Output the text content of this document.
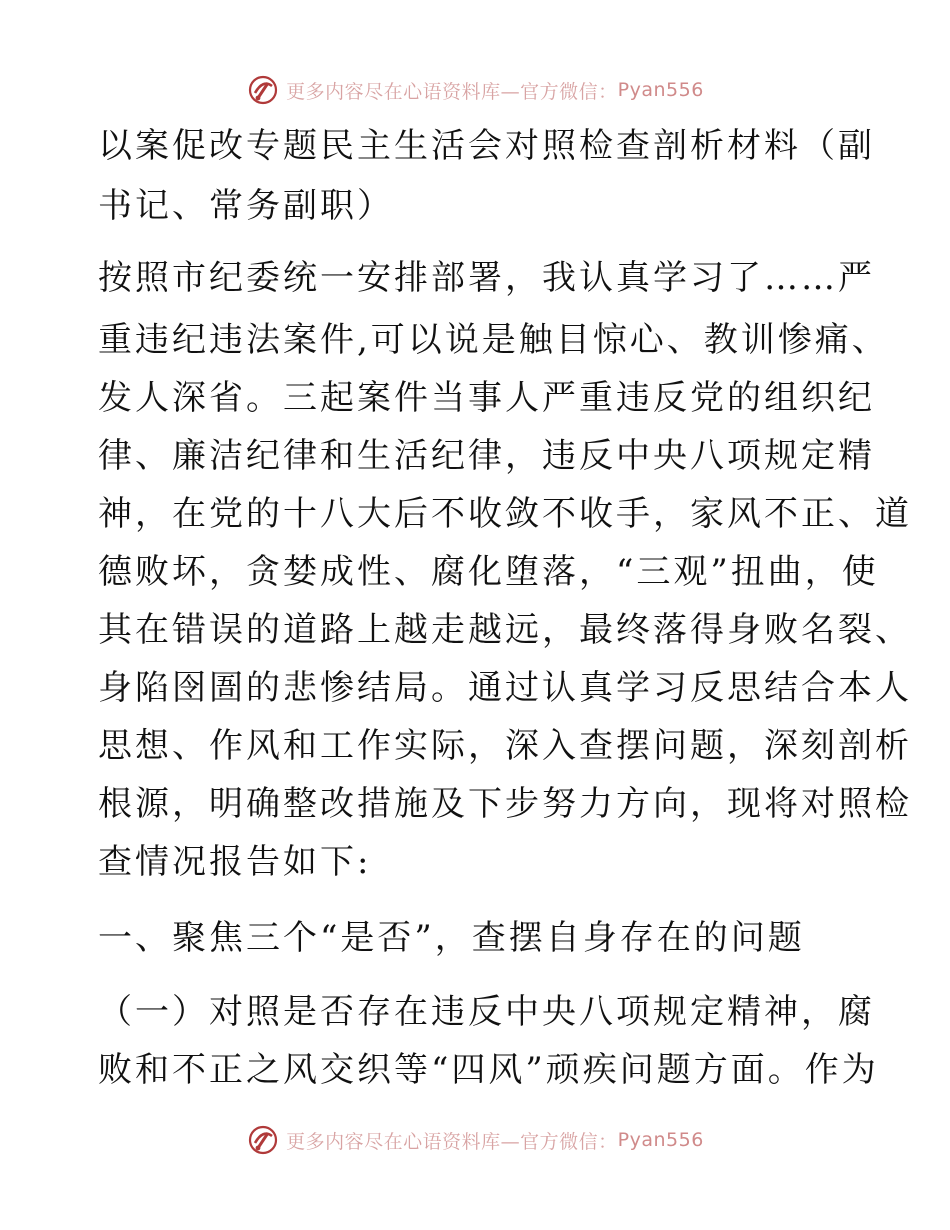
更多内容尽在心语资料库—官方微信： Pyan556
以案促改专题民主生活会对照检查剖析材料（副
书记、常务副职）
按照市纪委统一安排部署，我认真学习了……严
重违纪违法案件,可以说是触目惊心、教训惨痛、
发人深省。三起案件当事人严重违反党的组织纪
律、廉洁纪律和生活纪律，违反中央八项规定精
神，在党的十八大后不收敛不收手，家风不正、道
德败坏，贪婪成性、腐化堕落，“三观”扭曲，使
其在错误的道路上越走越远，最终落得身败名裂、
身陷囹圄的悲惨结局。通过认真学习反思结合本人
思想、作风和工作实际，深入查摆问题，深刻剖析
根源，明确整改措施及下步努力方向，现将对照检
查情况报告如下:
一、聚焦三个“是否”，查摆自身存在的问题
（一）对照是否存在违反中央八项规定精神，腐
败和不正之风交织等“四风”顽疾问题方面。作为
更多内容尽在心语资料库—官方微信： Pyan556
